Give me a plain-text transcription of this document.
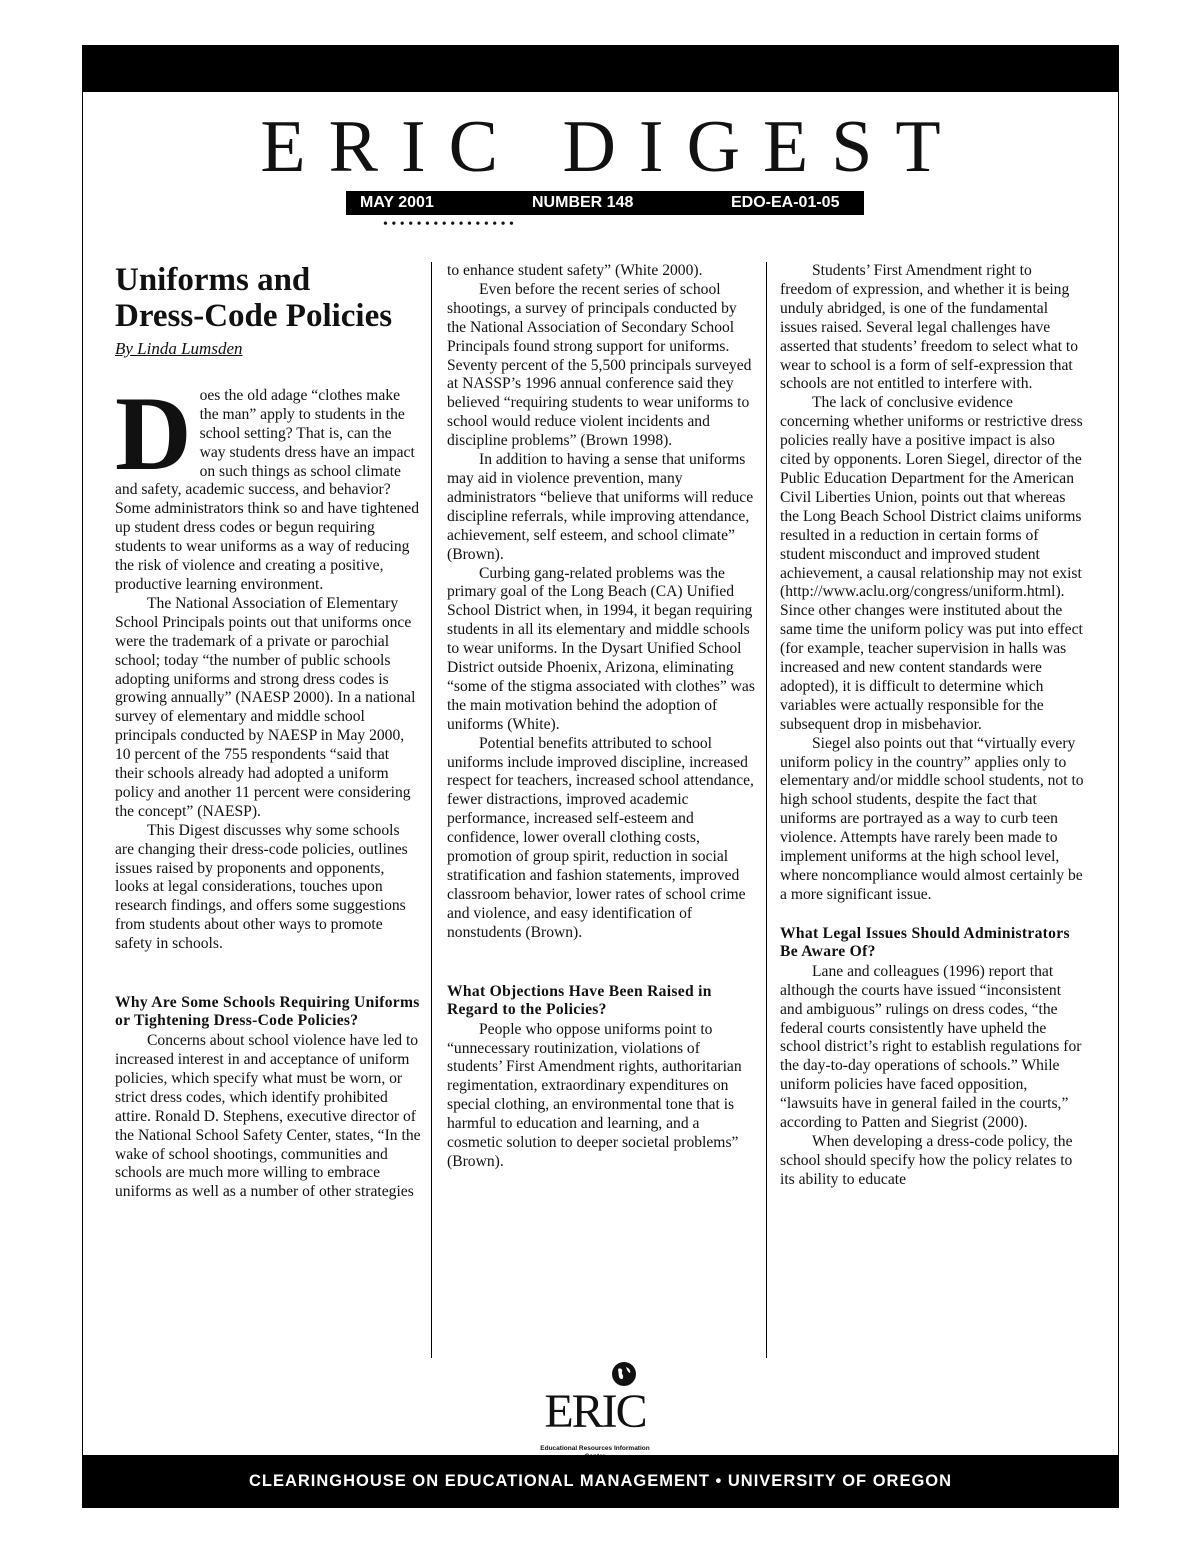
ERIC DIGEST
MAY 2001	NUMBER 148	EDO-EA-01-05
• • • • • • • • • • • • • • • •
Uniforms and
Dress-Code Policies
By Linda Lumsden
D oes the old adage “clothes make the man” apply to students in the school setting? That is, can the way students dress have an impact on such things as school climate and safety, academic success, and behavior? Some administrators think so and have tightened up student dress codes or begun requiring students to wear uniforms as a way of reducing the risk of violence and creating a positive, productive learning environment.

The National Association of Elementary School Principals points out that uniforms once were the trademark of a private or parochial school; today “the number of public schools adopting uniforms and strong dress codes is growing annually” (NAESP 2000). In a national survey of elementary and middle school principals conducted by NAESP in May 2000, 10 percent of the 755 respondents “said that their schools already had adopted a uniform policy and another 11 percent were considering the concept” (NAESP).

This Digest discusses why some schools are changing their dress-code policies, outlines issues raised by proponents and opponents, looks at legal considerations, touches upon research findings, and offers some suggestions from students about other ways to promote safety in schools.

Why Are Some Schools Requiring Uniforms or Tightening Dress-Code Policies?

Concerns about school violence have led to increased interest in and acceptance of uniform policies, which specify what must be worn, or strict dress codes, which identify prohibited attire. Ronald D. Stephens, executive director of the National School Safety Center, states, “In the wake of school shootings, communities and schools are much more willing to embrace uniforms as well as a number of other strategies

to enhance student safety” (White 2000).

Even before the recent series of school shootings, a survey of principals conducted by the National Association of Secondary School Principals found strong support for uniforms. Seventy percent of the 5,500 principals surveyed at NASSP’s 1996 annual conference said they believed “requiring students to wear uniforms to school would reduce violent incidents and discipline problems” (Brown 1998).

In addition to having a sense that uniforms may aid in violence prevention, many administrators “believe that uniforms will reduce discipline referrals, while improving attendance, achievement, self esteem, and school climate” (Brown).

Curbing gang-related problems was the primary goal of the Long Beach (CA) Unified School District when, in 1994, it began requiring students in all its elementary and middle schools to wear uniforms. In the Dysart Unified School District outside Phoenix, Arizona, eliminating “some of the stigma associated with clothes” was the main motivation behind the adoption of uniforms (White).

Potential benefits attributed to school uniforms include improved discipline, increased respect for teachers, increased school attendance, fewer distractions, improved academic performance, increased self-esteem and confidence, lower overall clothing costs, promotion of group spirit, reduction in social stratification and fashion statements, improved classroom behavior, lower rates of school crime and violence, and easy identification of nonstudents (Brown).

What Objections Have Been Raised in Regard to the Policies?

People who oppose uniforms point to “unnecessary routinization, violations of students’ First Amendment rights, authoritarian regimentation, extraordinary expenditures on special clothing, an environmental tone that is harmful to education and learning, and a cosmetic solution to deeper societal problems” (Brown).

Students’ First Amendment right to freedom of expression, and whether it is being unduly abridged, is one of the fundamental issues raised. Several legal challenges have asserted that students’ freedom to select what to wear to school is a form of self-expression that schools are not entitled to interfere with.

The lack of conclusive evidence concerning whether uniforms or restrictive dress policies really have a positive impact is also cited by opponents. Loren Siegel, director of the Public Education Department for the American Civil Liberties Union, points out that whereas the Long Beach School District claims uniforms resulted in a reduction in certain forms of student misconduct and improved student achievement, a causal relationship may not exist (http://www.aclu.org/congress/uniform.html). Since other changes were instituted about the same time the uniform policy was put into effect (for example, teacher supervision in halls was increased and new content standards were adopted), it is difficult to determine which variables were actually responsible for the subsequent drop in misbehavior.

Siegel also points out that “virtually every uniform policy in the country” applies only to elementary and/or middle school students, not to high school students, despite the fact that uniforms are portrayed as a way to curb teen violence. Attempts have rarely been made to implement uniforms at the high school level, where noncompliance would almost certainly be a more significant issue.

What Legal Issues Should Administrators Be Aware Of?

Lane and colleagues (1996) report that although the courts have issued “inconsistent and ambiguous” rulings on dress codes, “the federal courts consistently have upheld the school district’s right to establish regulations for the day-to-day operations of schools.” While uniform policies have faced opposition, “lawsuits have in general failed in the courts,” according to Patten and Siegrist (2000).

When developing a dress-code policy, the school should specify how the policy relates to its ability to educate

ERIC
Educational Resources Information
CLEARINGHOUSE ON EDUCATIONAL MANAGEMENT • UNIVERSITY OF OREGON
